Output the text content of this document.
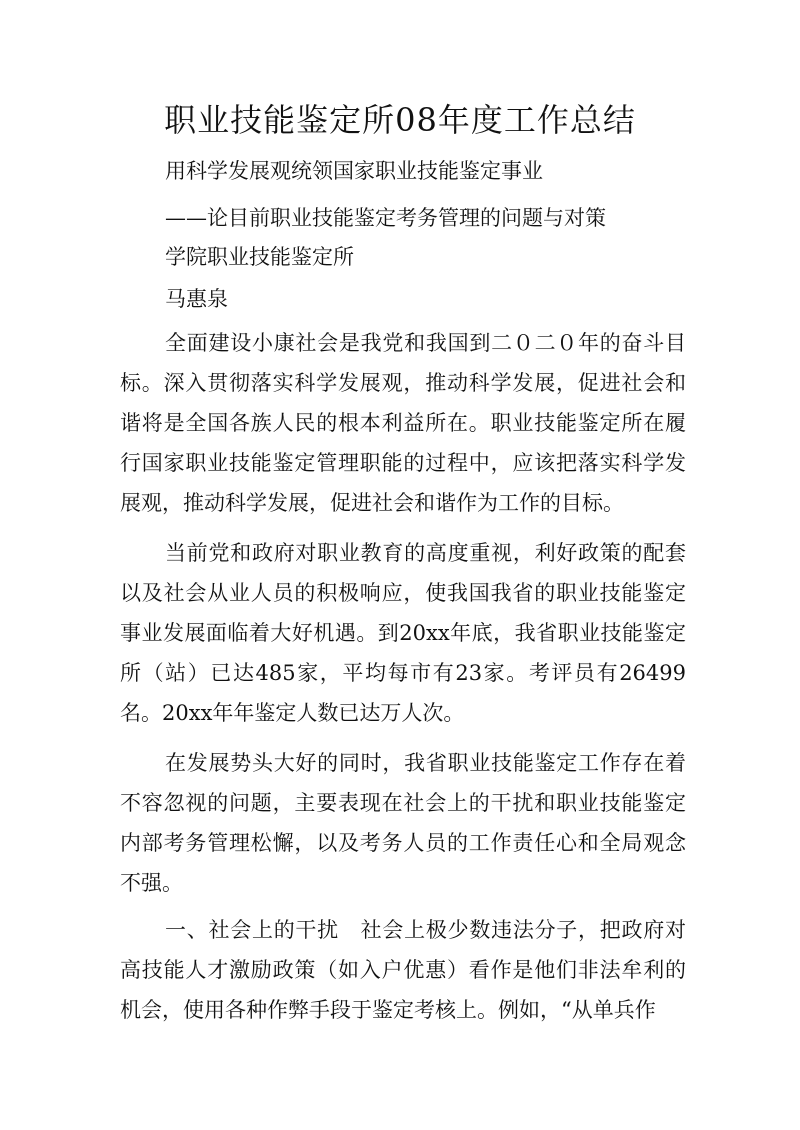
职业技能鉴定所08年度工作总结

用科学发展观统领国家职业技能鉴定事业

——论目前职业技能鉴定考务管理的问题与对策

学院职业技能鉴定所

马惠泉

全面建设小康社会是我党和我国到二０二０年的奋斗目标。深入贯彻落实科学发展观，推动科学发展，促进社会和谐将是全国各族人民的根本利益所在。职业技能鉴定所在履行国家职业技能鉴定管理职能的过程中，应该把落实科学发展观，推动科学发展，促进社会和谐作为工作的目标。

当前党和政府对职业教育的高度重视，利好政策的配套以及社会从业人员的积极响应，使我国我省的职业技能鉴定事业发展面临着大好机遇。到20xx年底，我省职业技能鉴定所（站）已达485家，平均每市有23家。考评员有26499名。20xx年年鉴定人数已达万人次。

在发展势头大好的同时，我省职业技能鉴定工作存在着不容忽视的问题，主要表现在社会上的干扰和职业技能鉴定内部考务管理松懈，以及考务人员的工作责任心和全局观念不强。

一、社会上的干扰　社会上极少数违法分子，把政府对高技能人才激励政策（如入户优惠）看作是他们非法牟利的机会，使用各种作弊手段于鉴定考核上。例如，“从单兵作
